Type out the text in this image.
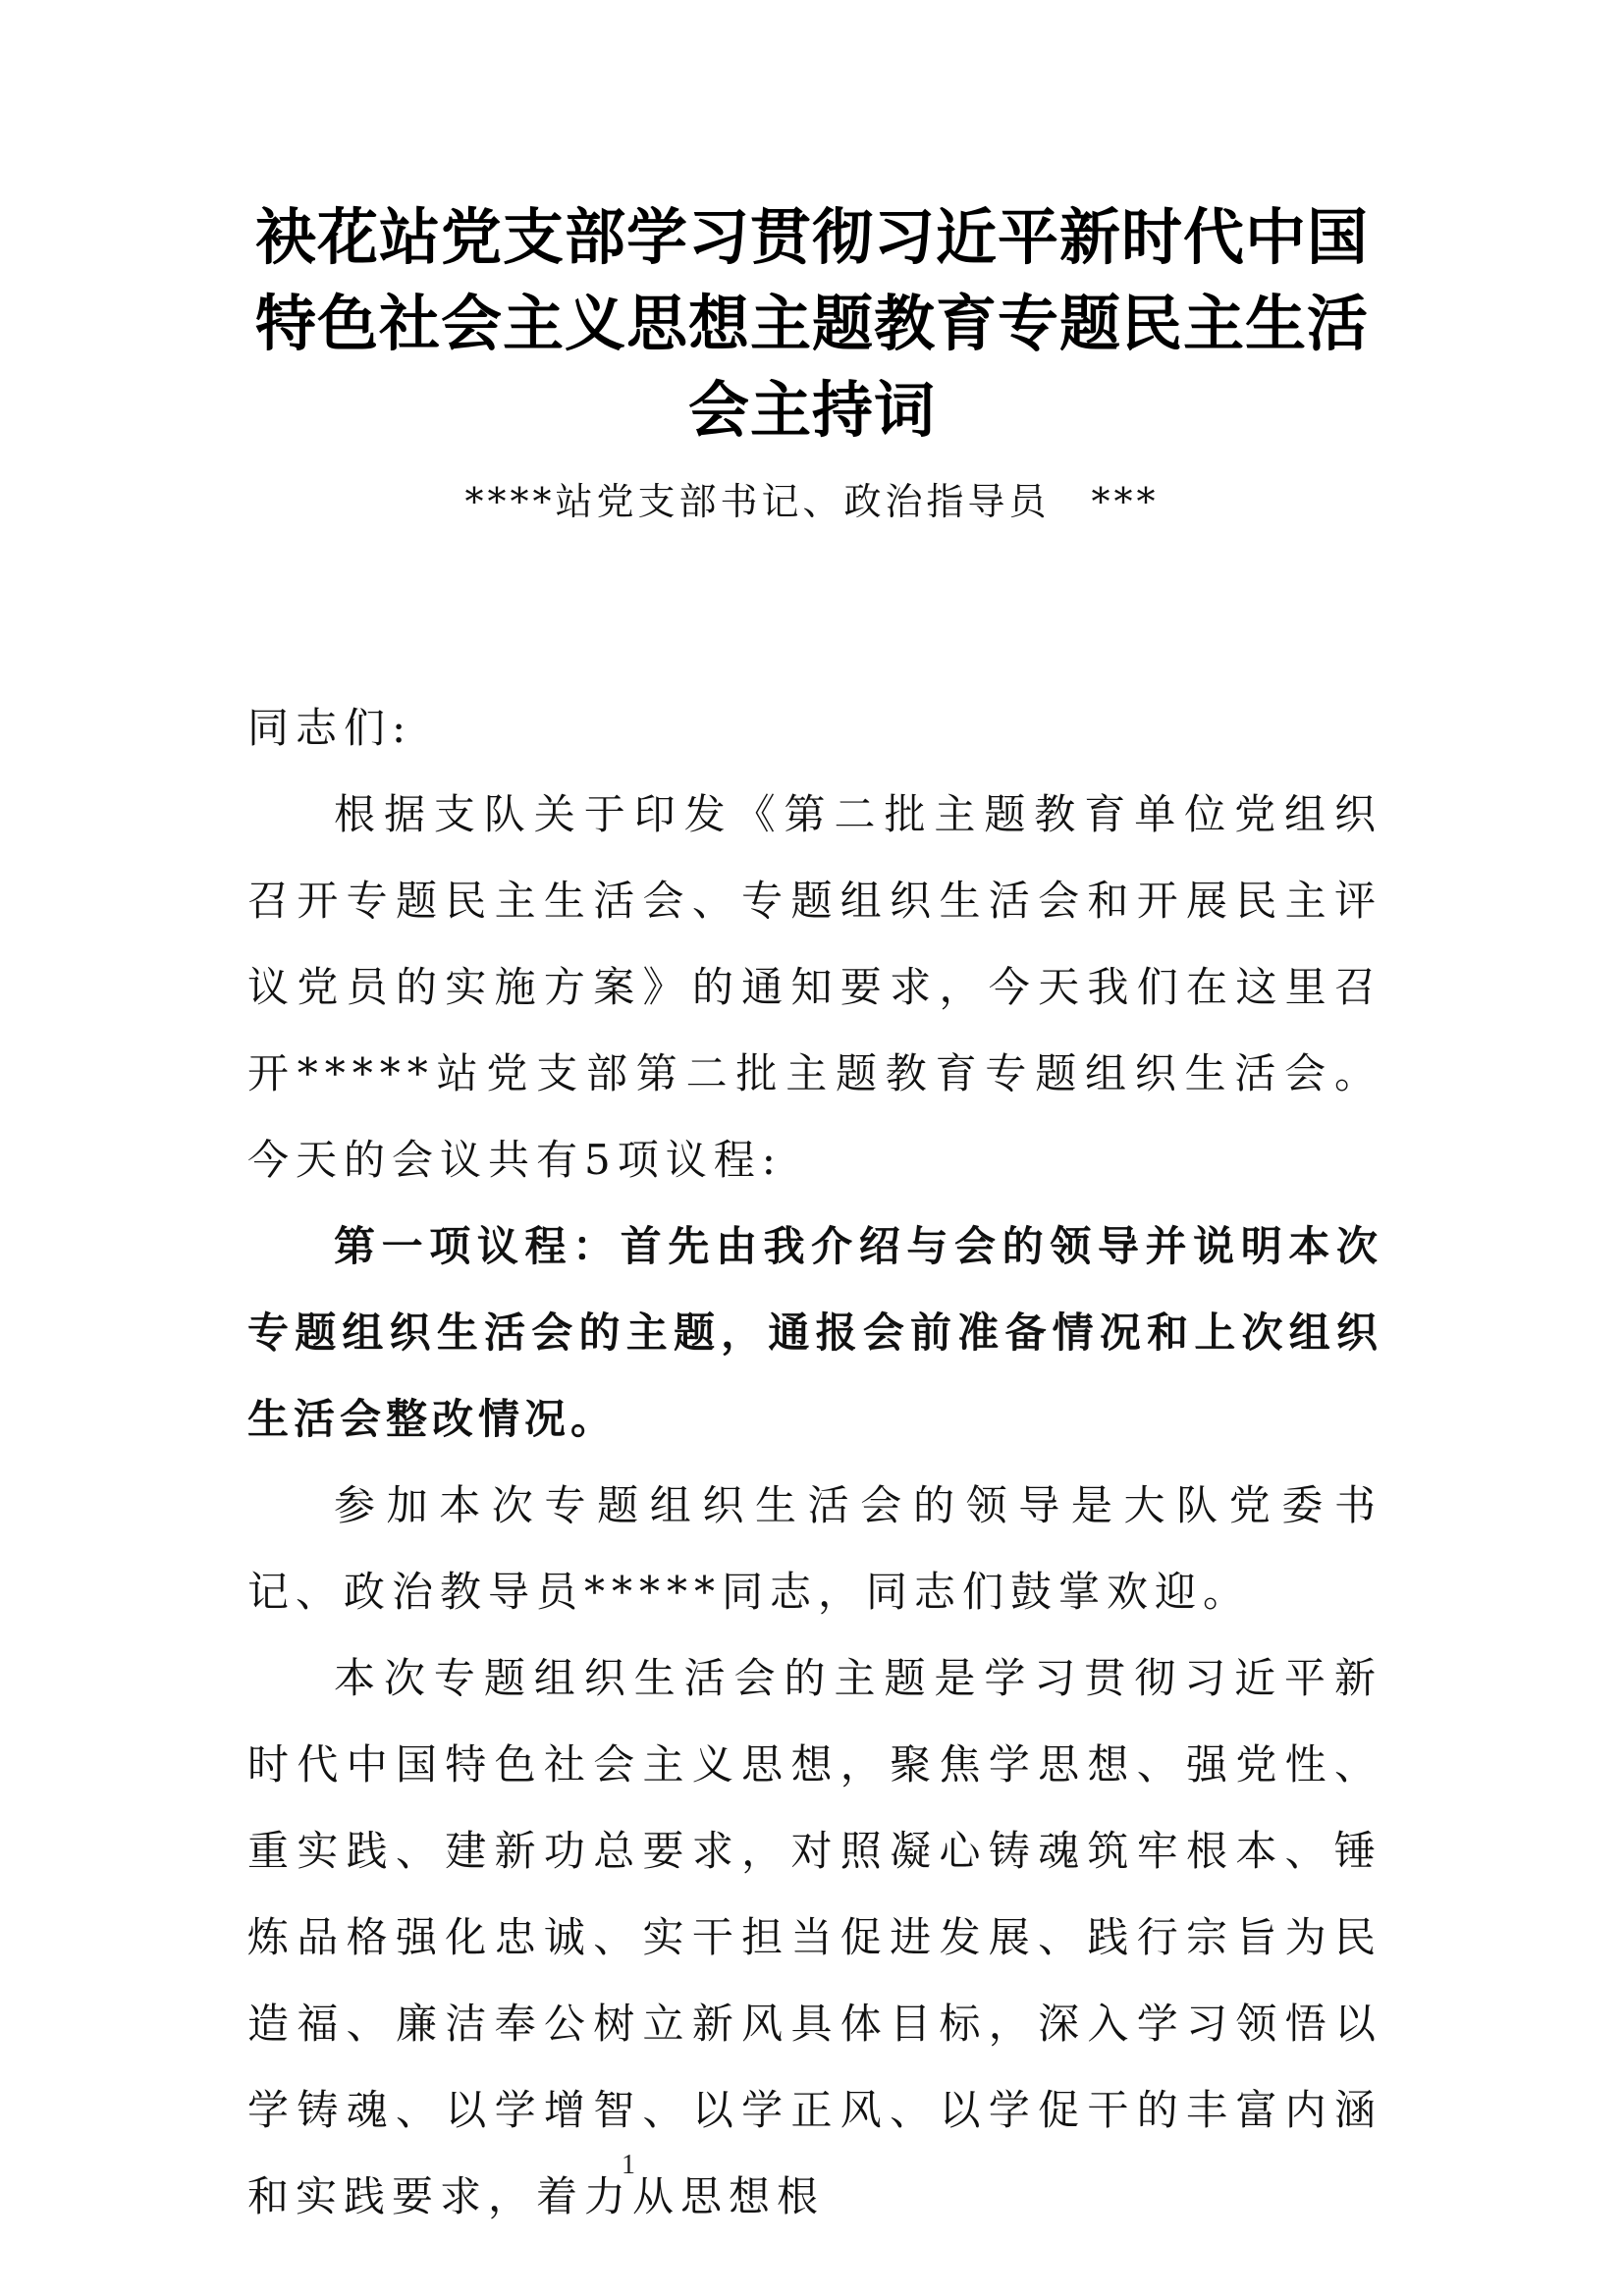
袂花站党支部学习贯彻习近平新时代中国
特色社会主义思想主题教育专题民主生活
会主持词
****站党支部书记、政治指导员　***

同志们:

根据支队关于印发《第二批主题教育单位党组织召开专题民主生活会、专题组织生活会和开展民主评议党员的实施方案》的通知要求，今天我们在这里召开*****站党支部第二批主题教育专题组织生活会。今天的会议共有5项议程:

第一项议程：首先由我介绍与会的领导并说明本次专题组织生活会的主题，通报会前准备情况和上次组织生活会整改情况。

参加本次专题组织生活会的领导是大队党委书记、政治教导员*****同志，同志们鼓掌欢迎。

本次专题组织生活会的主题是学习贯彻习近平新时代中国特色社会主义思想，聚焦学思想、强党性、重实践、建新功总要求，对照凝心铸魂筑牢根本、锤炼品格强化忠诚、实干担当促进发展、践行宗旨为民造福、廉洁奉公树立新风具体目标，深入学习领悟以学铸魂、以学增智、以学正风、以学促干的丰富内涵和实践要求，着力从思想根

1
